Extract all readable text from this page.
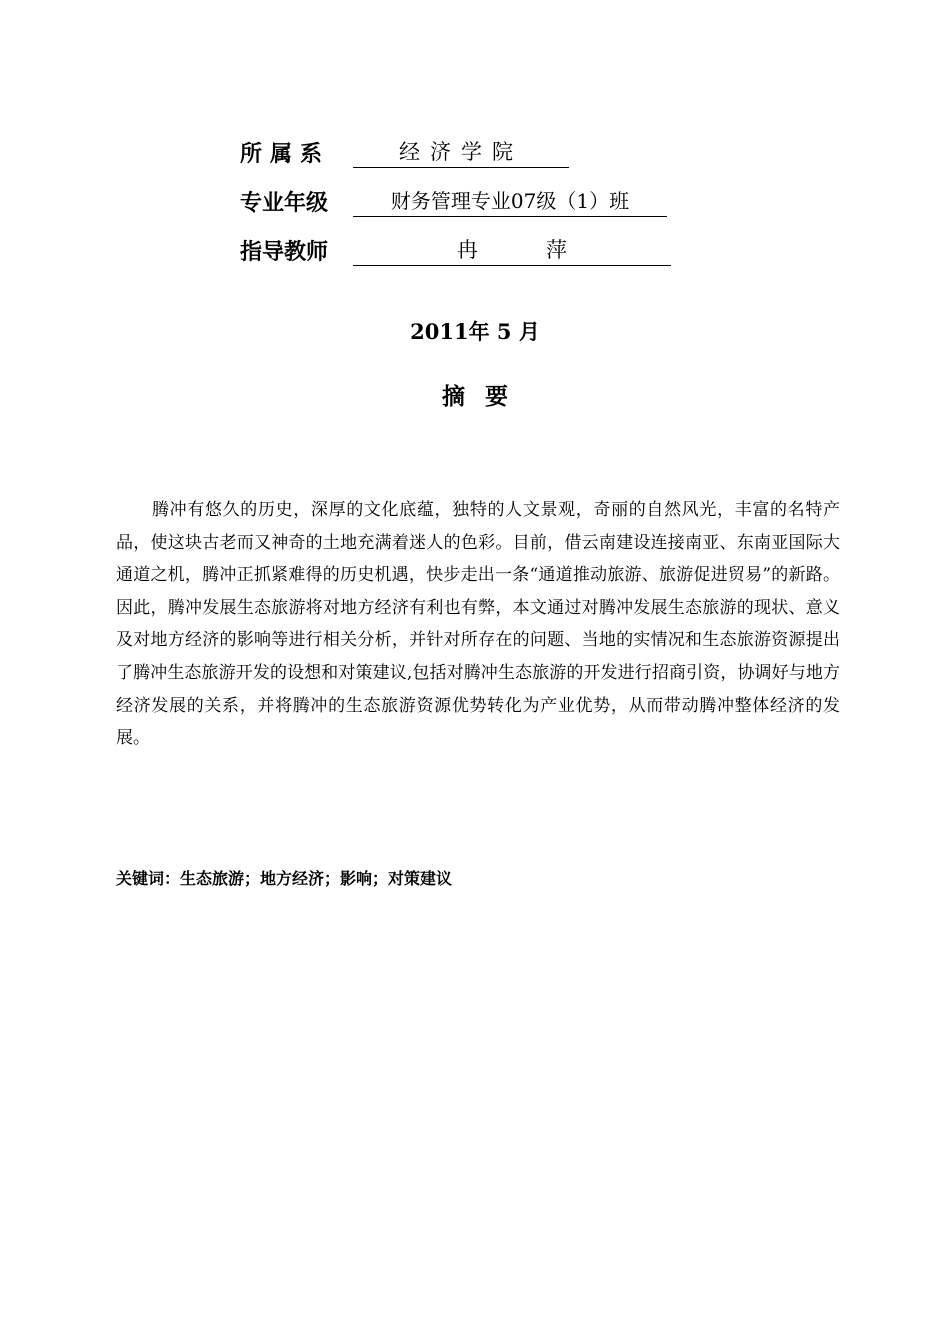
所属系	经济学院
专业年级	财务管理专业07级（1）班
指导教师	冉	萍
2011年 5 月
摘要

腾冲有悠久的历史，深厚的文化底蕴，独特的人文景观，奇丽的自然风光，丰富的名特产品，使这块古老而又神奇的土地充满着迷人的色彩。目前，借云南建设连接南亚、东南亚国际大通道之机，腾冲正抓紧难得的历史机遇，快步走出一条“通道推动旅游、旅游促进贸易”的新路。因此，腾冲发展生态旅游将对地方经济有利也有弊，本文通过对腾冲发展生态旅游的现状、意义及对地方经济的影响等进行相关分析，并针对所存在的问题、当地的实情况和生态旅游资源提出了腾冲生态旅游开发的设想和对策建议,包括对腾冲生态旅游的开发进行招商引资，协调好与地方经济发展的关系，并将腾冲的生态旅游资源优势转化为产业优势，从而带动腾冲整体经济的发展。

关键词：生态旅游；地方经济；影响；对策建议
